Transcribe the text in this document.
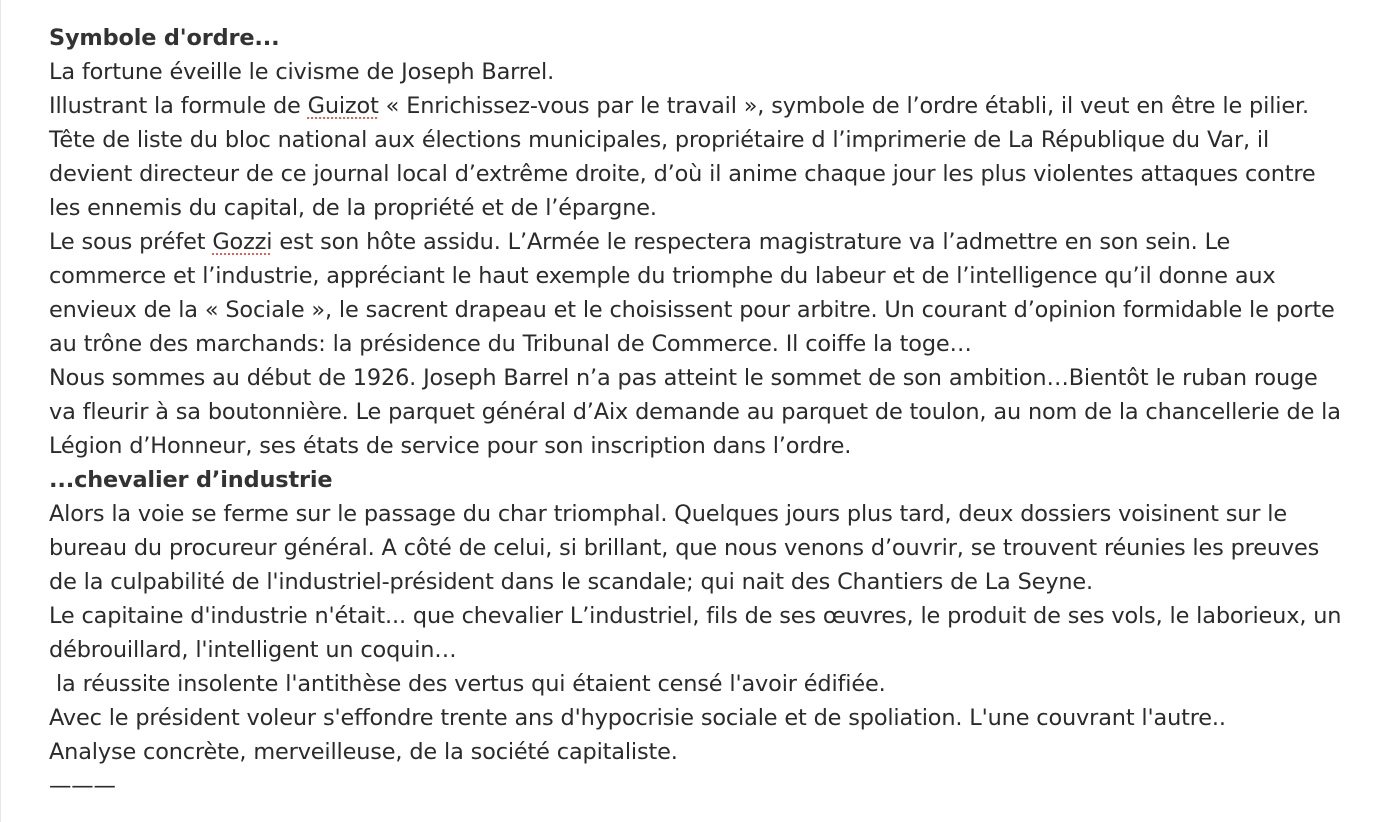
Symbole d'ordre...

La fortune éveille le civisme de Joseph Barrel.

Illustrant la formule de Guizot « Enrichissez-vous par le travail », symbole de l’ordre établi, il veut en être le pilier. Tête de liste du bloc national aux élections municipales, propriétaire d l’imprimerie de La République du Var, il devient directeur de ce journal local d’extrême droite, d’où il anime chaque jour les plus violentes attaques contre les ennemis du capital, de la propriété et de l’épargne.

Le sous préfet Gozzi est son hôte assidu. L’Armée le respectera magistrature va l’admettre en son sein. Le commerce et l’industrie, appréciant le haut exemple du triomphe du labeur et de l’intelligence qu’il donne aux envieux de la « Sociale », le sacrent drapeau et le choisissent pour arbitre. Un courant d’opinion formidable le porte au trône des marchands: la présidence du Tribunal de Commerce. Il coiffe la toge…

Nous sommes au début de 1926. Joseph Barrel n’a pas atteint le sommet de son ambition…Bientôt le ruban rouge va fleurir à sa boutonnière. Le parquet général d’Aix demande au parquet de toulon, au nom de la chancellerie de la Légion d’Honneur, ses états de service pour son inscription dans l’ordre.

...chevalier d’industrie

Alors la voie se ferme sur le passage du char triomphal. Quelques jours plus tard, deux dossiers voisinent sur le bureau du procureur général. A côté de celui, si brillant, que nous venons d’ouvrir, se trouvent réunies les preuves de la culpabilité de l'industriel-président dans le scandale; qui nait des Chantiers de La Seyne.

Le capitaine d'industrie n'était... que chevalier L’industriel, fils de ses œuvres, le produit de ses vols, le laborieux, un débrouillard, l'intelligent un coquin…

la réussite insolente l'antithèse des vertus qui étaient censé l'avoir édifiée.

Avec le président voleur s'effondre trente ans d'hypocrisie sociale et de spoliation. L'une couvrant l'autre..

Analyse concrète, merveilleuse, de la société capitaliste.

———
